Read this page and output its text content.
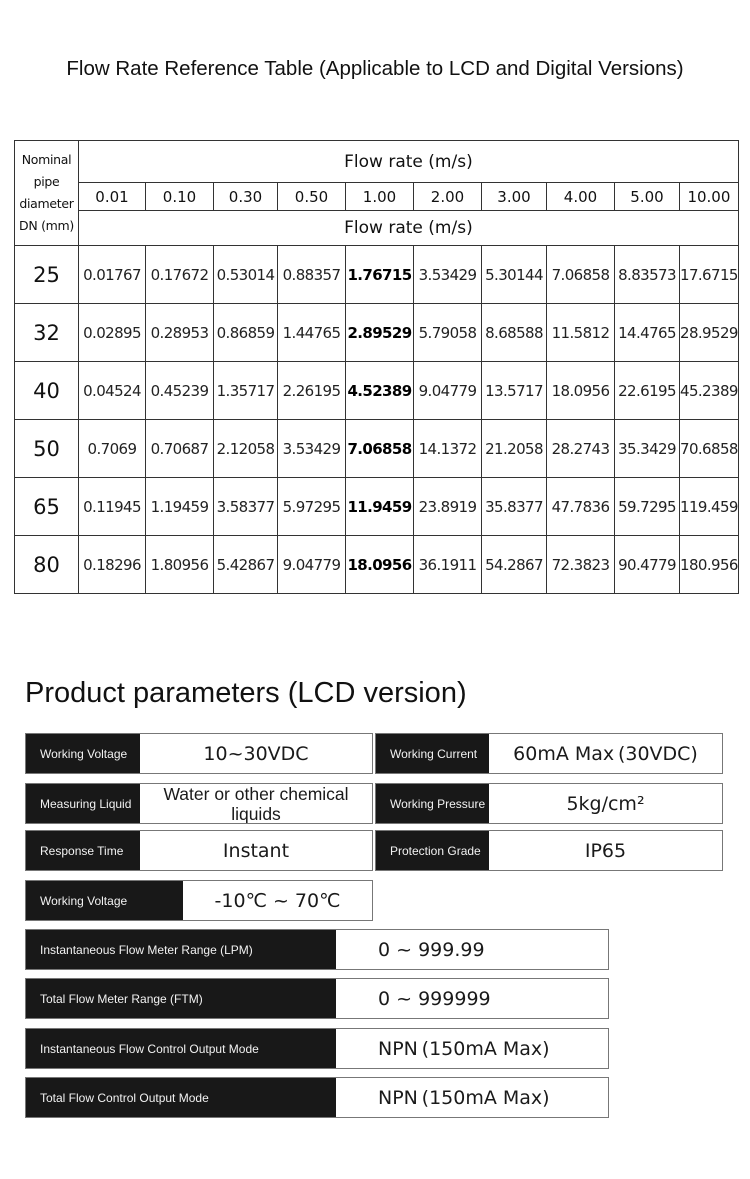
Flow Rate Reference Table (Applicable to LCD and Digital Versions)
Nominal pipe diameter DN (mm)	Flow rate (m/s)									
	0.01	0.10	0.30	0.50	1.00	2.00	3.00	4.00	5.00	10.00
	Flow rate (m/s)									
25	0.01767	0.17672	0.53014	0.88357	1.76715	3.53429	5.30144	7.06858	8.83573	17.6715
32	0.02895	0.28953	0.86859	1.44765	2.89529	5.79058	8.68588	11.5812	14.4765	28.9529
40	0.04524	0.45239	1.35717	2.26195	4.52389	9.04779	13.5717	18.0956	22.6195	45.2389
50	0.7069	0.70687	2.12058	3.53429	7.06858	14.1372	21.2058	28.2743	35.3429	70.6858
65	0.11945	1.19459	3.58377	5.97295	11.9459	23.8919	35.8377	47.7836	59.7295	119.459
80	0.18296	1.80956	5.42867	9.04779	18.0956	36.1911	54.2867	72.3823	90.4779	180.956
Product parameters (LCD version)
Working Voltage	10~30VDC	Working Current	60mA Max (30VDC)
Measuring Liquid	Water or other chemical liquids	Working Pressure	5kg/cm²
Response Time	Instant	Protection Grade	IP65
Working Voltage	-10℃ ~ 70℃
Instantaneous Flow Meter Range (LPM)	0 ~ 999.99
Total Flow Meter Range (FTM)	0 ~ 999999
Instantaneous Flow Control Output Mode	NPN (150mA Max)
Total Flow Control Output Mode	NPN (150mA Max)
